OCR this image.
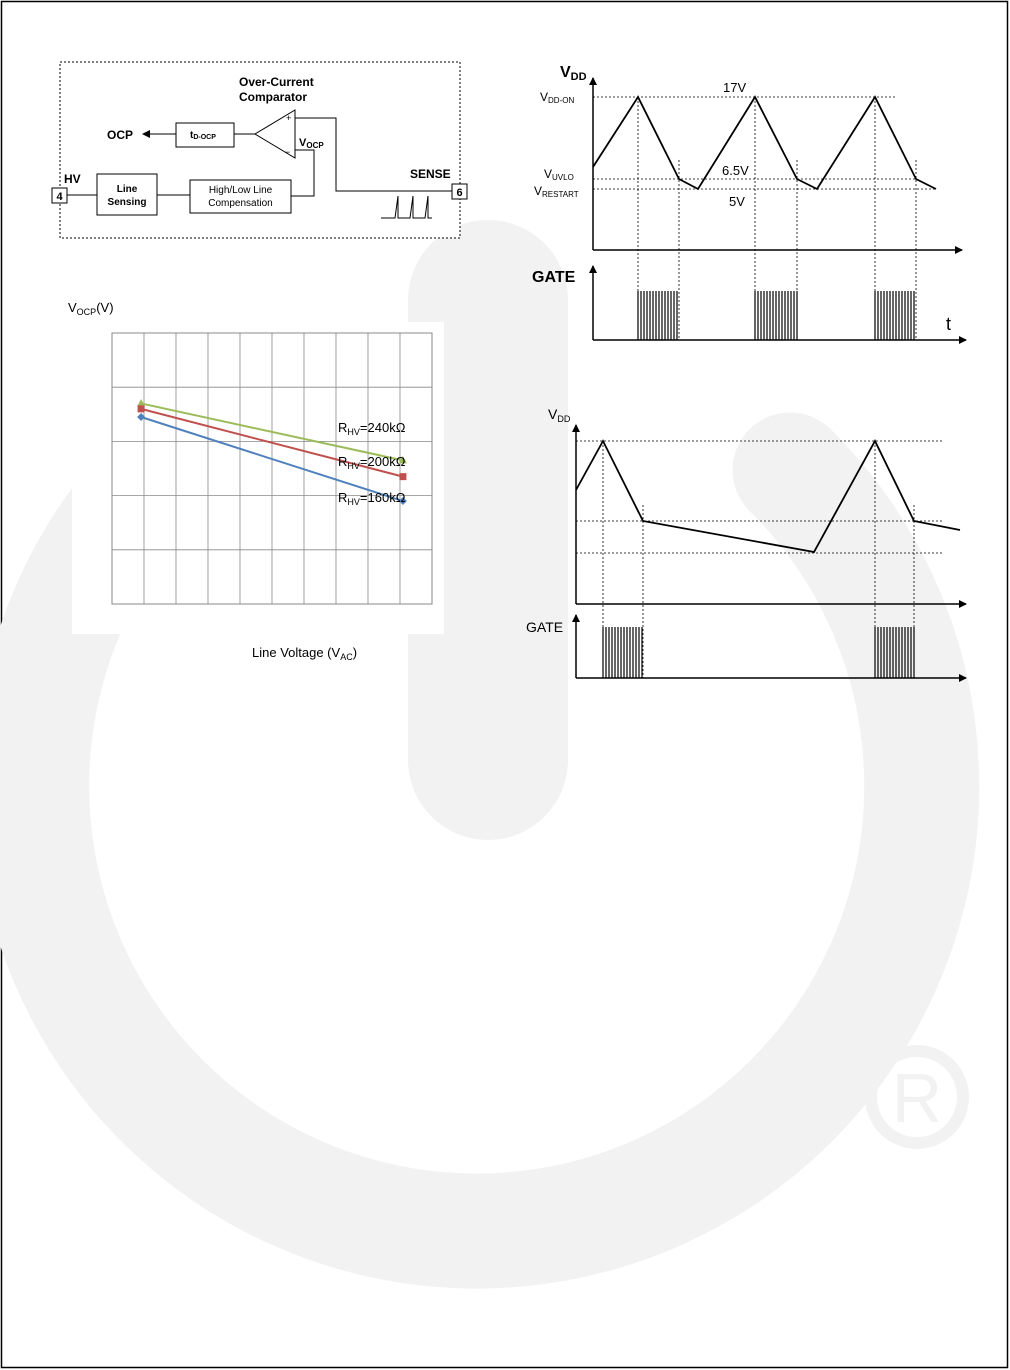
R
Over-Current
Comparator
+
−
tD-OCP
OCP
VOCP
HV
4
Line
Sensing
High/Low Line
Compensation
SENSE
6
$V_{OCP}(V)$
$R_{HV}=240k\Omega$
$R_{HV}=200k\Omega$
$R_{HV}=160k\Omega$
Line Voltage $(V_{AC})$
VDD
VDD-ON
17V
VUVLO	6.5V
VRESTART	5V
GATE
t
$V_{DD}$
GATE
